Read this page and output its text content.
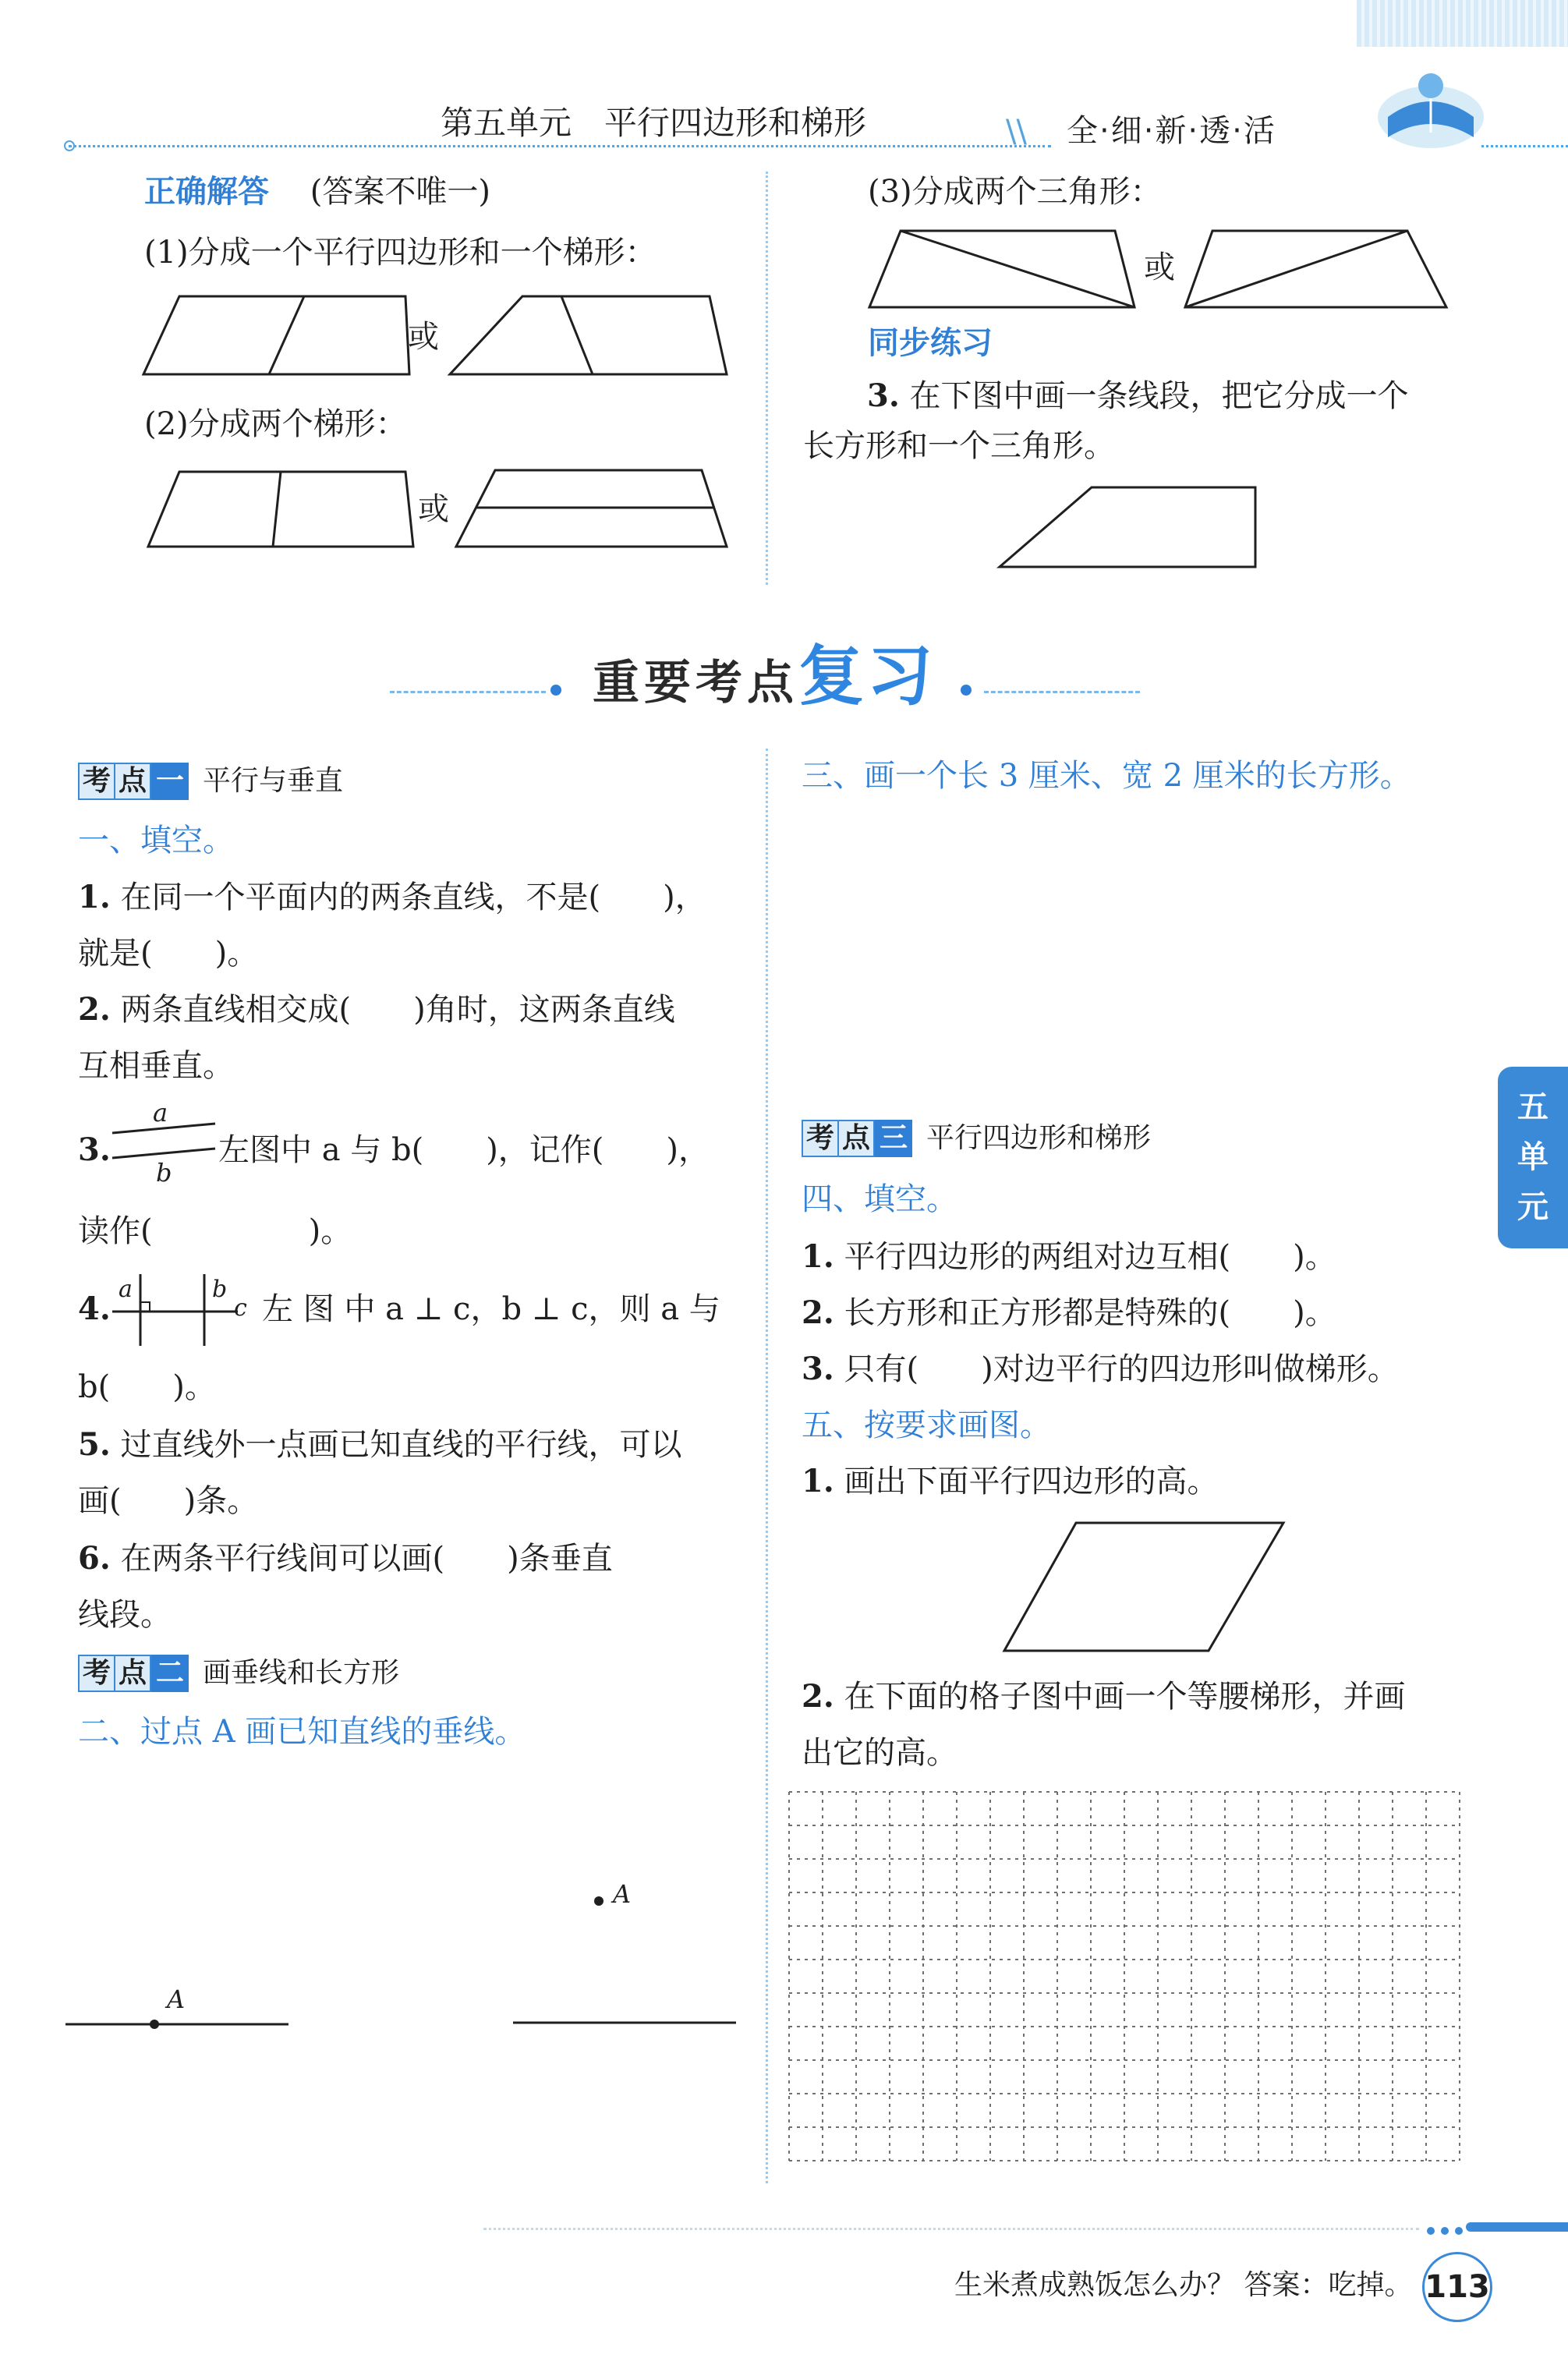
第五单元　平行四边形和梯形	\\ 全·细·新·透·活
正确解答 (答案不唯一)
(1)分成一个平行四边形和一个梯形：
或
(2)分成两个梯形：
或
(3)分成两个三角形：
或
同步练习
3. 在下图中画一条线段，把它分成一个
长方形和一个三角形。
重要考点复习
考 点 一 平行与垂直
一、填空。
1. 在同一个平面内的两条直线，不是(　　)，
就是(　　)。
2. 两条直线相交成(　　)角时，这两条直线
互相垂直。
3.
a
b
左图中 a 与 b(　　)，记作(　　)，
读作(　　　　　)。
4.
a	b
c 左 图 中 a ⊥ c，b ⊥ c，则 a 与
b(　　)。
5. 过直线外一点画已知直线的平行线，可以
画(　　)条。
6. 在两条平行线间可以画(　　)条垂直
线段。
考 点 二 画垂线和长方形
二、过点 A 画已知直线的垂线。
A
A
三、画一个长 3 厘米、宽 2 厘米的长方形。
考 点 三 平行四边形和梯形
四、填空。
1. 平行四边形的两组对边互相(　　)。
2. 长方形和正方形都是特殊的(　　)。
3. 只有(　　)对边平行的四边形叫做梯形。
五、按要求画图。
1. 画出下面平行四边形的高。
2. 在下面的格子图中画一个等腰梯形，并画
出它的高。
五
单
元
生米煮成熟饭怎么办？ 答案：吃掉。 113
